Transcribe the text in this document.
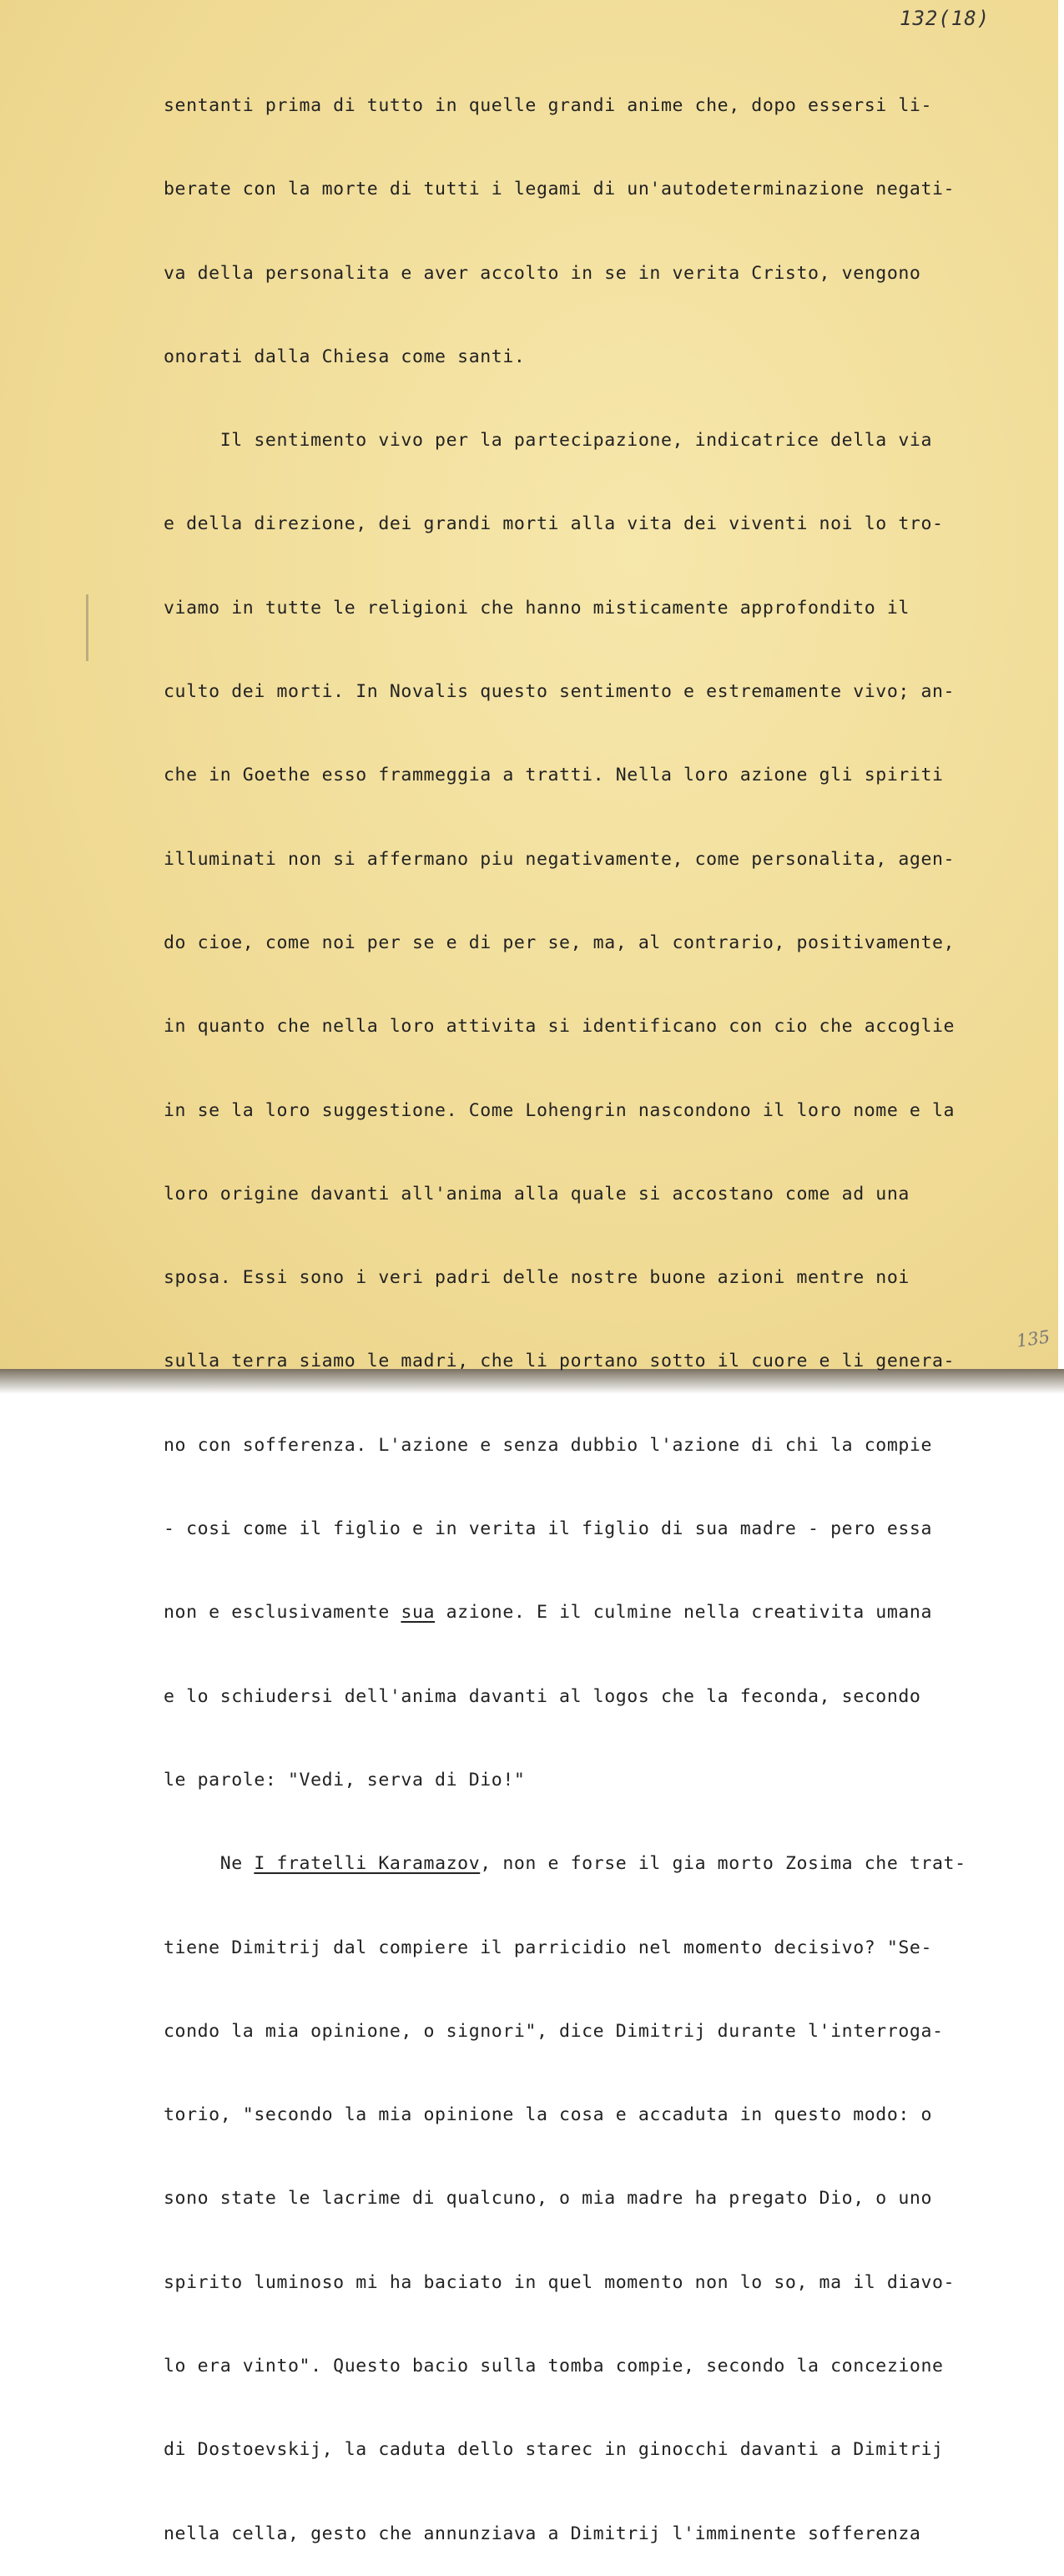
132(18)
135

sentanti prima di tutto in quelle grandi anime che, dopo essersi li-

berate con la morte di tutti i legami di un'autodeterminazione negati-

va della personalita e aver accolto in se in verita Cristo, vengono

onorati dalla Chiesa come santi.

Il sentimento vivo per la partecipazione, indicatrice della via

e della direzione, dei grandi morti alla vita dei viventi noi lo tro-

viamo in tutte le religioni che hanno misticamente approfondito il

culto dei morti. In Novalis questo sentimento e estremamente vivo; an-

che in Goethe esso frammeggia a tratti. Nella loro azione gli spiriti

illuminati non si affermano piu negativamente, come personalita, agen-

do cioe, come noi per se e di per se, ma, al contrario, positivamente,

in quanto che nella loro attivita si identificano con cio che accoglie

in se la loro suggestione. Come Lohengrin nascondono il loro nome e la

loro origine davanti all'anima alla quale si accostano come ad una

sposa. Essi sono i veri padri delle nostre buone azioni mentre noi

sulla terra siamo le madri, che li portano sotto il cuore e li genera-

no con sofferenza. L'azione e senza dubbio l'azione di chi la compie

- cosi come il figlio e in verita il figlio di sua madre - pero essa

non e esclusivamente sua azione. E il culmine nella creativita umana

e lo schiudersi dell'anima davanti al logos che la feconda, secondo

le parole: "Vedi, serva di Dio!"

Ne I fratelli Karamazov, non e forse il gia morto Zosima che trat-

tiene Dimitrij dal compiere il parricidio nel momento decisivo? "Se-

condo la mia opinione, o signori", dice Dimitrij durante l'interroga-

torio, "secondo la mia opinione la cosa e accaduta in questo modo: o

sono state le lacrime di qualcuno, o mia madre ha pregato Dio, o uno

spirito luminoso mi ha baciato in quel momento non lo so, ma il diavo-

lo era vinto". Questo bacio sulla tomba compie, secondo la concezione

di Dostoevskij, la caduta dello starec in ginocchi davanti a Dimitrij

nella cella, gesto che annunziava a Dimitrij l'imminente sofferenza
